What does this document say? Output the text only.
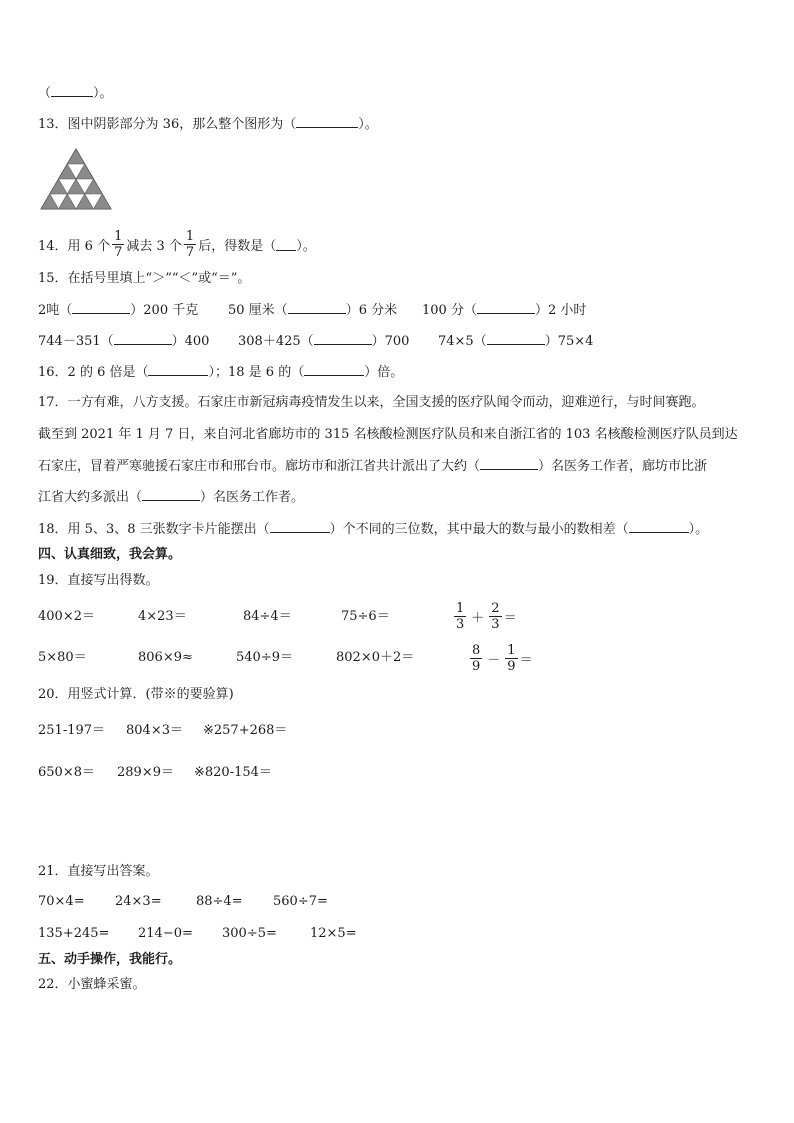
（	）。
13．图中阴影部分为 36，那么整个图形为（	）。
14．用 6 个 $\frac{1}{7}$ 减去 3 个 $\frac{1}{7}$ 后，得数是（ ）。
15．在括号里填上“＞”“＜”或“＝”。
2吨（	）200 千克 50 厘米（	）6 分米 100 分（	）2 小时
744－351（	）400 308＋425（	）700 74×5（	）75×4
16．2 的 6 倍是（	）；18 是 6 的（	）倍。
17．一方有难，八方支援。石家庄市新冠病毒疫情发生以来，全国支援的医疗队闻令而动，迎难逆行，与时间赛跑。
截至到 2021 年 1 月 7 日，来自河北省廊坊市的 315 名核酸检测医疗队员和来自浙江省的 103 名核酸检测医疗队员到达
石家庄，冒着严寒驰援石家庄市和邢台市。廊坊市和浙江省共计派出了大约（	）名医务工作者，廊坊市比浙
江省大约多派出（	）名医务工作者。
18．用 5、3、8 三张数字卡片能摆出（	）个不同的三位数，其中最大的数与最小的数相差（	）。
四、认真细致，我会算。
19．直接写出得数。
400×2＝	4×23＝	84÷4＝	75÷6＝	$\frac{1}{3} + \frac{2}{3}$ ＝
5×80＝	806×9≈	540÷9＝	802×0＋2＝	$\frac{8}{9} - \frac{1}{9}$ ＝
20．用竖式计算．(带※的要验算)
251-197＝ 804×3＝ ※257+268＝
650×8＝ 289×9＝ ※820-154＝
21．直接写出答案。
70×4= 24×3=	88÷4= 560÷7=
135+245= 214−0= 300÷5=	12×5=
五、动手操作，我能行。
22．小蜜蜂采蜜。
